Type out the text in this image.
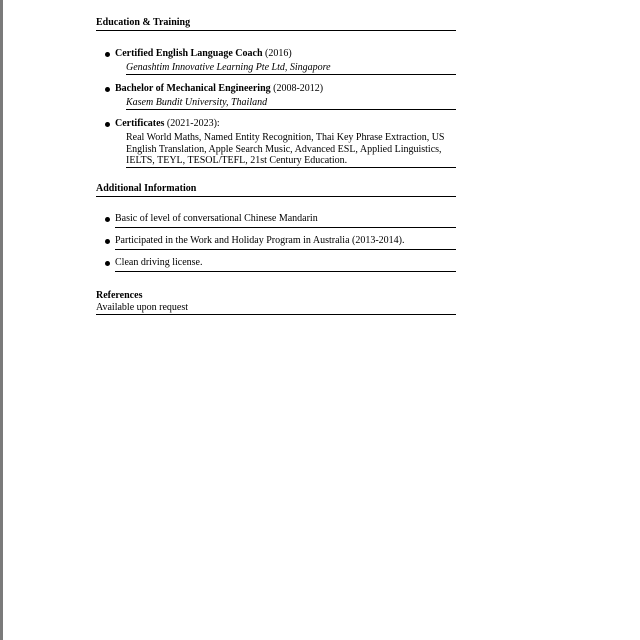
Education & Training
Certified English Language Coach (2016)
Genashtim Innovative Learning Pte Ltd, Singapore
Bachelor of Mechanical Engineering (2008-2012)
Kasem Bundit University, Thailand
Certificates (2021-2023):
Real World Maths, Named Entity Recognition, Thai Key Phrase Extraction, US English Translation, Apple Search Music, Advanced ESL, Applied Linguistics, IELTS, TEYL, TESOL/TEFL, 21st Century Education.
Additional Information
Basic of level of conversational Chinese Mandarin
Participated in the Work and Holiday Program in Australia (2013-2014).
Clean driving license.
References
Available upon request
